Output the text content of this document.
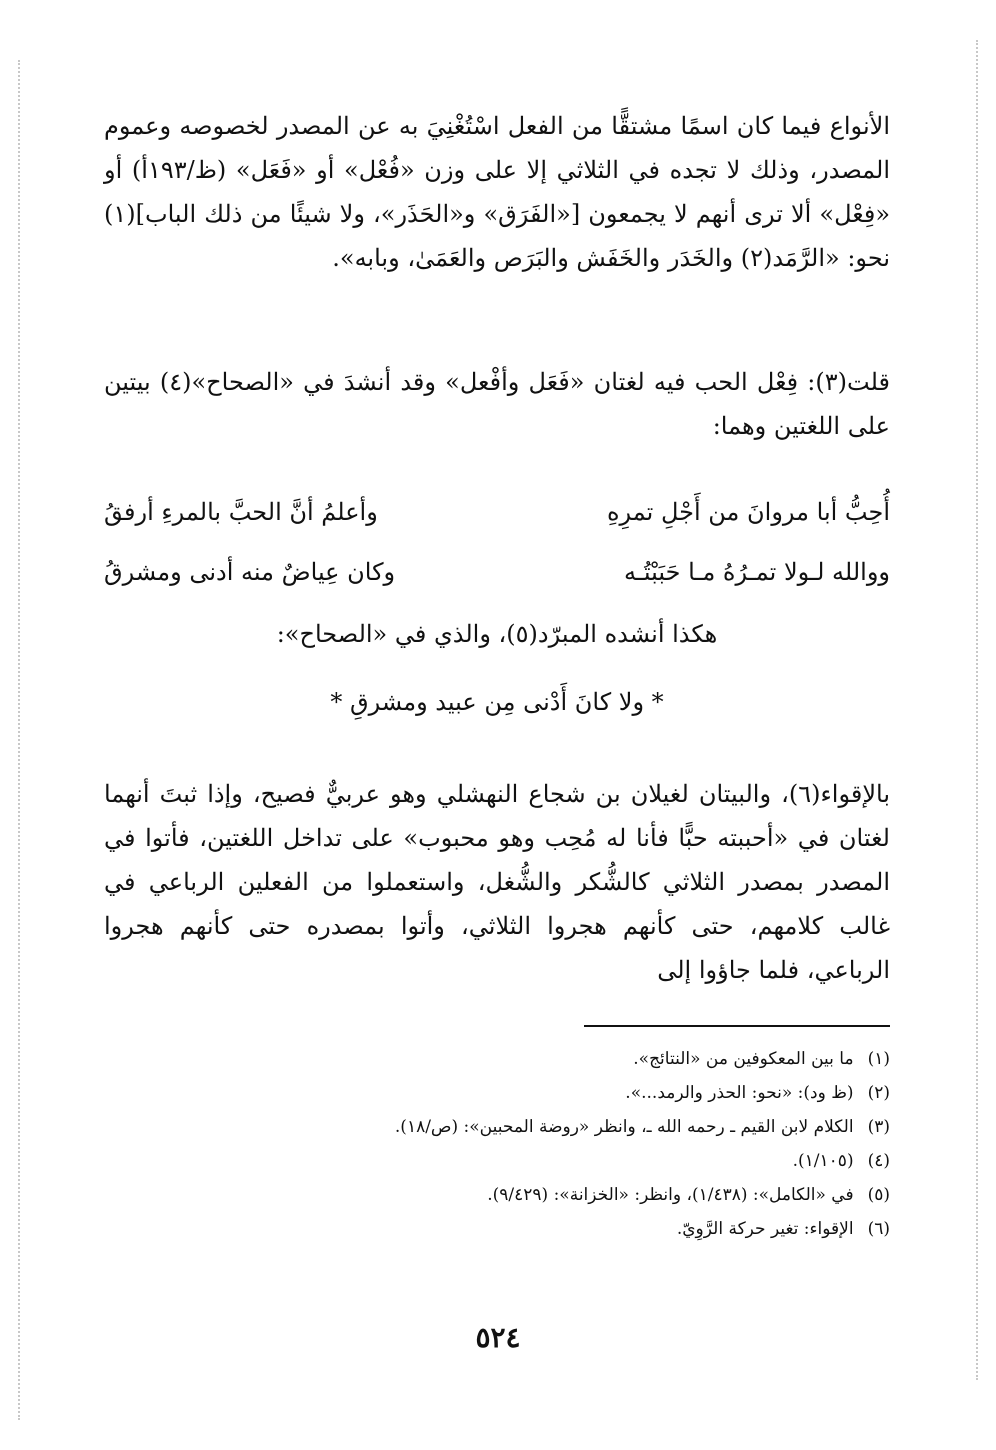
الأنواع فيما كان اسمًا مشتقًّا من الفعل اسْتُغْنِيَ به عن المصدر لخصوصه وعموم المصدر، وذلك لا تجده في الثلاثي إلا على وزن «فُعْل» أو «فَعَل» (ظ/١٩٣أ) أو «فِعْل» ألا ترى أنهم لا يجمعون [«الفَرَق» و«الحَذَر»، ولا شيئًا من ذلك الباب](١) نحو: «الرَّمَد(٢) والخَدَر والخَفَش والبَرَص والعَمَىٰ، وبابه».

قلت(٣): فِعْل الحب فيه لغتان «فَعَل وأفْعل» وقد أنشدَ في «الصحاح»(٤) بيتين على اللغتين وهما:

أُحِبُّ أبا مروانَ من أَجْلِ تمرِهِ
وأعلمُ أنَّ الحبَّ بالمرءِ أرفقُ
ووالله لـولا تمـرُهُ مـا حَبَبْتُـه
وكان عِياضٌ منه أدنى ومشرقُ
هكذا أنشده المبرّد(٥)، والذي في «الصحاح»:
* ولا كانَ أَدْنى مِن عبيد ومشرقِ *

بالإقواء(٦)، والبيتان لغيلان بن شجاع النهشلي وهو عربيٌّ فصيح، وإذا ثبتَ أنهما لغتان في «أحببته حبًّا فأنا له مُحِب وهو محبوب» على تداخل اللغتين، فأتوا في المصدر بمصدر الثلاثي كالشُّكر والشُّغل، واستعملوا من الفعلين الرباعي في غالب كلامهم، حتى كأنهم هجروا الثلاثي، وأتوا بمصدره حتى كأنهم هجروا الرباعي، فلما جاؤوا إلى

(١)ما بين المعكوفين من «النتائج».
(٢)(ظ ود): «نحو: الحذر والرمد...».
(٣)الكلام لابن القيم ـ رحمه الله ـ، وانظر «روضة المحبين»: (ص/١٨).
(٤)(١/١٠٥).
(٥)في «الكامل»: (١/٤٣٨)، وانظر: «الخزانة»: (٩/٤٢٩).
(٦)الإقواء: تغير حركة الرَّوِيّ.
٥٢٤
